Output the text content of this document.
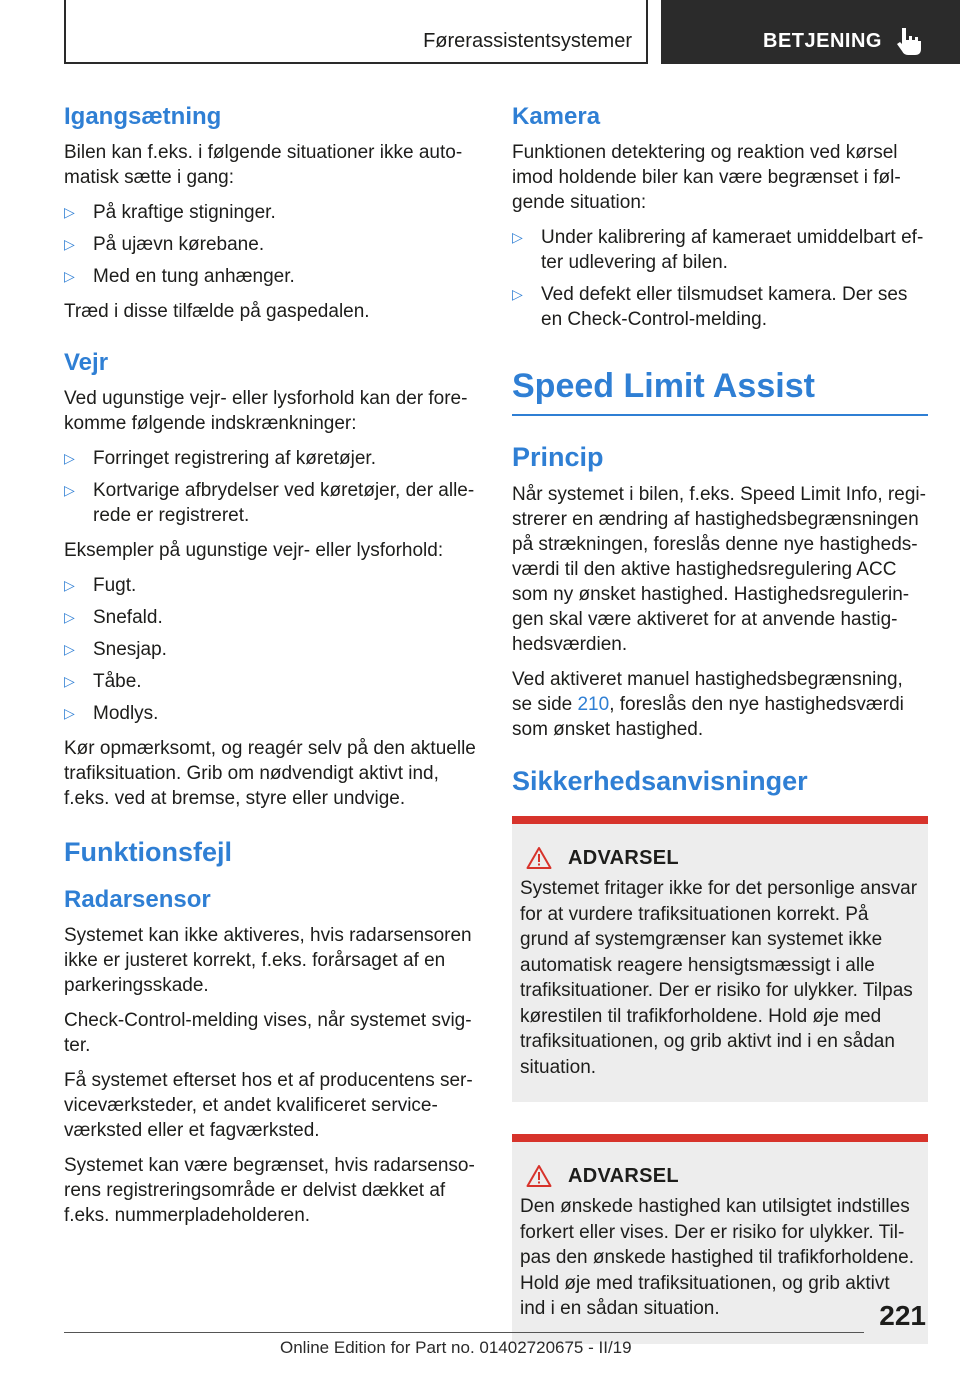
Førerassistentsystemer	BETJENING
Igangsætning

Bilen kan f.eks. i følgende situationer ikke automatisk sætte i gang:

▷ På kraftige stigninger.
▷ På ujævn kørebane.
▷ Med en tung anhænger.

Træd i disse tilfælde på gaspedalen.

Vejr

Ved ugunstige vejr- eller lysforhold kan der forekomme følgende indskrænkninger:

▷ Forringet registrering af køretøjer.
▷ Kortvarige afbrydelser ved køretøjer, der allerede er registreret.

Eksempler på ugunstige vejr- eller lysforhold:

▷ Fugt.
▷ Snefald.
▷ Snesjap.
▷ Tåbe.
▷ Modlys.

Kør opmærksomt, og reagér selv på den aktuelle trafiksituation. Grib om nødvendigt aktivt ind, f.eks. ved at bremse, styre eller undvige.

Funktionsfejl
Radarsensor

Systemet kan ikke aktiveres, hvis radarsensoren ikke er justeret korrekt, f.eks. forårsaget af en parkeringsskade.

Check-Control-melding vises, når systemet svigter.

Få systemet efterset hos et af producentens serviceværksteder, et andet kvalificeret serviceværksted eller et fagværksted.

Systemet kan være begrænset, hvis radarsensorens registreringsområde er delvist dækket af f.eks. nummerpladeholderen.

Kamera

Funktionen detektering og reaktion ved kørsel imod holdende biler kan være begrænset i følgende situation:

▷ Under kalibrering af kameraet umiddelbart efter udlevering af bilen.
▷ Ved defekt eller tilsmudset kamera. Der ses en Check-Control-melding.
Speed Limit Assist
Princip

Når systemet i bilen, f.eks. Speed Limit Info, registrerer en ændring af hastighedsbegrænsningen på strækningen, foreslås denne nye hastighedsværdi til den aktive hastighedsregulering ACC som ny ønsket hastighed. Hastighedsreguleringen skal være aktiveret for at anvende hastighedsværdien.

Ved aktiveret manuel hastighedsbegrænsning, se side 210, foreslås den nye hastighedsværdi som ønsket hastighed.

Sikkerhedsanvisninger
ADVARSEL

Systemet fritager ikke for det personlige ansvar for at vurdere trafiksituationen korrekt. På grund af systemgrænser kan systemet ikke automatisk reagere hensigtsmæssigt i alle trafiksituationer. Der er risiko for ulykker. Tilpas kørestilen til trafikforholdene. Hold øje med trafiksituationen, og grib aktivt ind i en sådan situation.

ADVARSEL

Den ønskede hastighed kan utilsigtet indstilles forkert eller vises. Der er risiko for ulykker. Tilpas den ønskede hastighed til trafikforholdene. Hold øje med trafiksituationen, og grib aktivt ind i en sådan situation.	221
Online Edition for Part no. 01402720675 - II/19
